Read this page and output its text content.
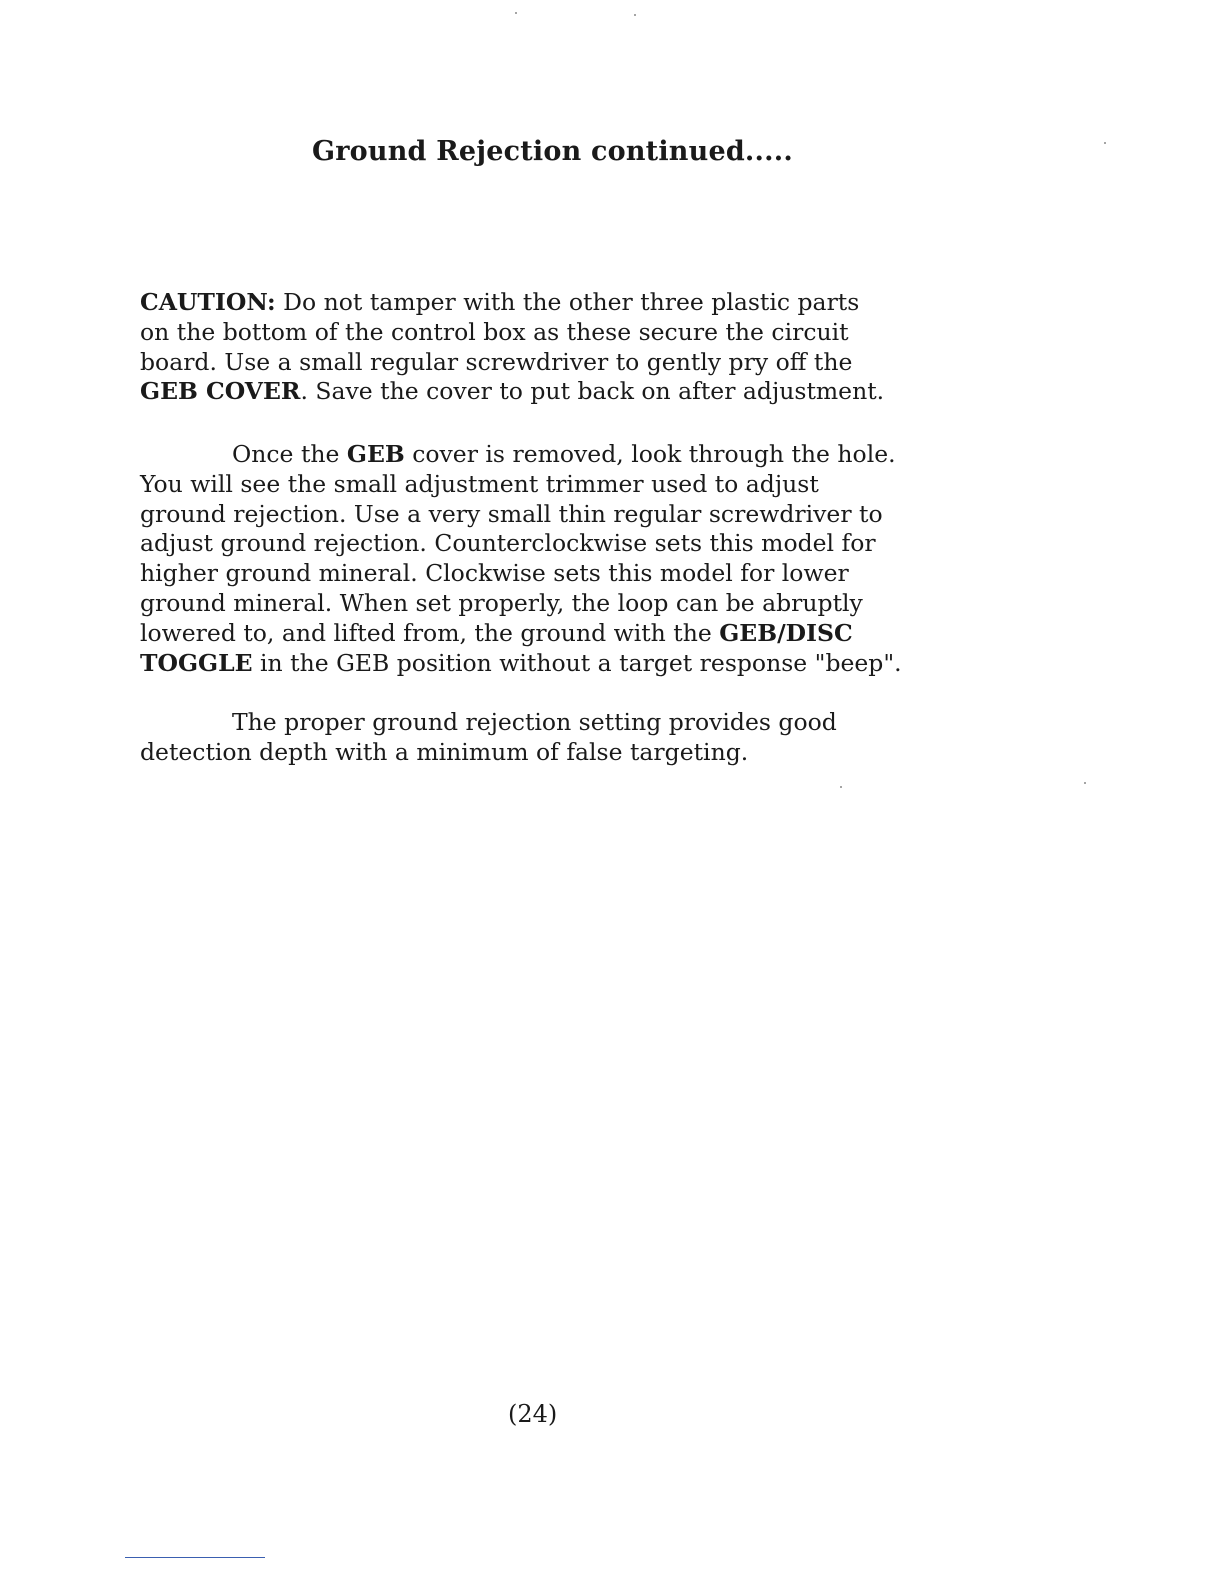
Ground Rejection continued.....
CAUTION: Do not tamper with the other three plastic parts
on the bottom of the control box as these secure the circuit
board. Use a small regular screwdriver to gently pry off the
GEB COVER. Save the cover to put back on after adjustment.
Once the GEB cover is removed, look through the hole.
You will see the small adjustment trimmer used to adjust
ground rejection. Use a very small thin regular screwdriver to
adjust ground rejection. Counterclockwise sets this model for
higher ground mineral. Clockwise sets this model for lower
ground mineral. When set properly, the loop can be abruptly
lowered to, and lifted from, the ground with the GEB/DISC
TOGGLE in the GEB position without a target response "beep".
The proper ground rejection setting provides good
detection depth with a minimum of false targeting.
(24)
